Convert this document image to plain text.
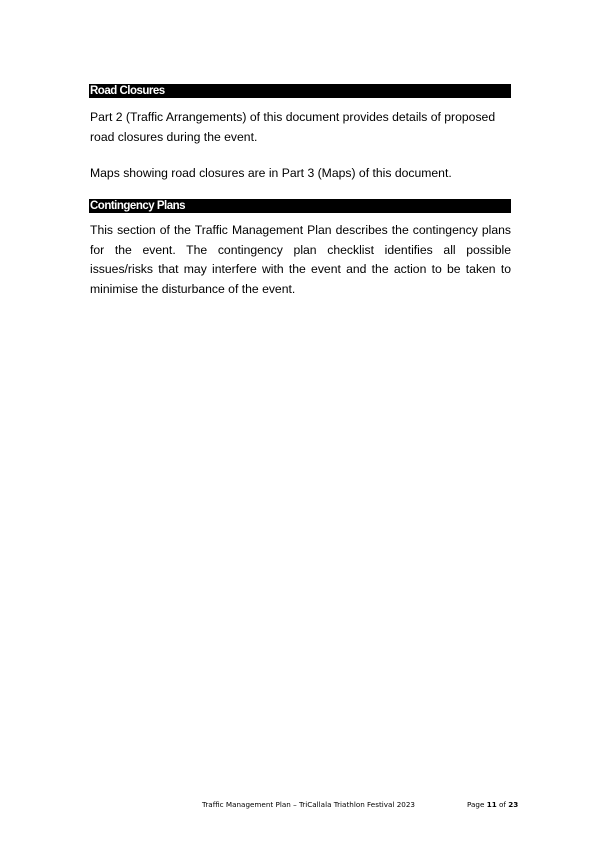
Road Closures

Part 2 (Traffic Arrangements) of this document provides details of proposed road closures during the event.

Maps showing road closures are in Part 3 (Maps) of this document.

Contingency Plans

This section of the Traffic Management Plan describes the contingency plans for the event. The contingency plan checklist identifies all possible issues/risks that may interfere with the event and the action to be taken to minimise the disturbance of the event.

Traffic Management Plan – TriCallala Triathlon Festival 2023	Page 11 of 23
